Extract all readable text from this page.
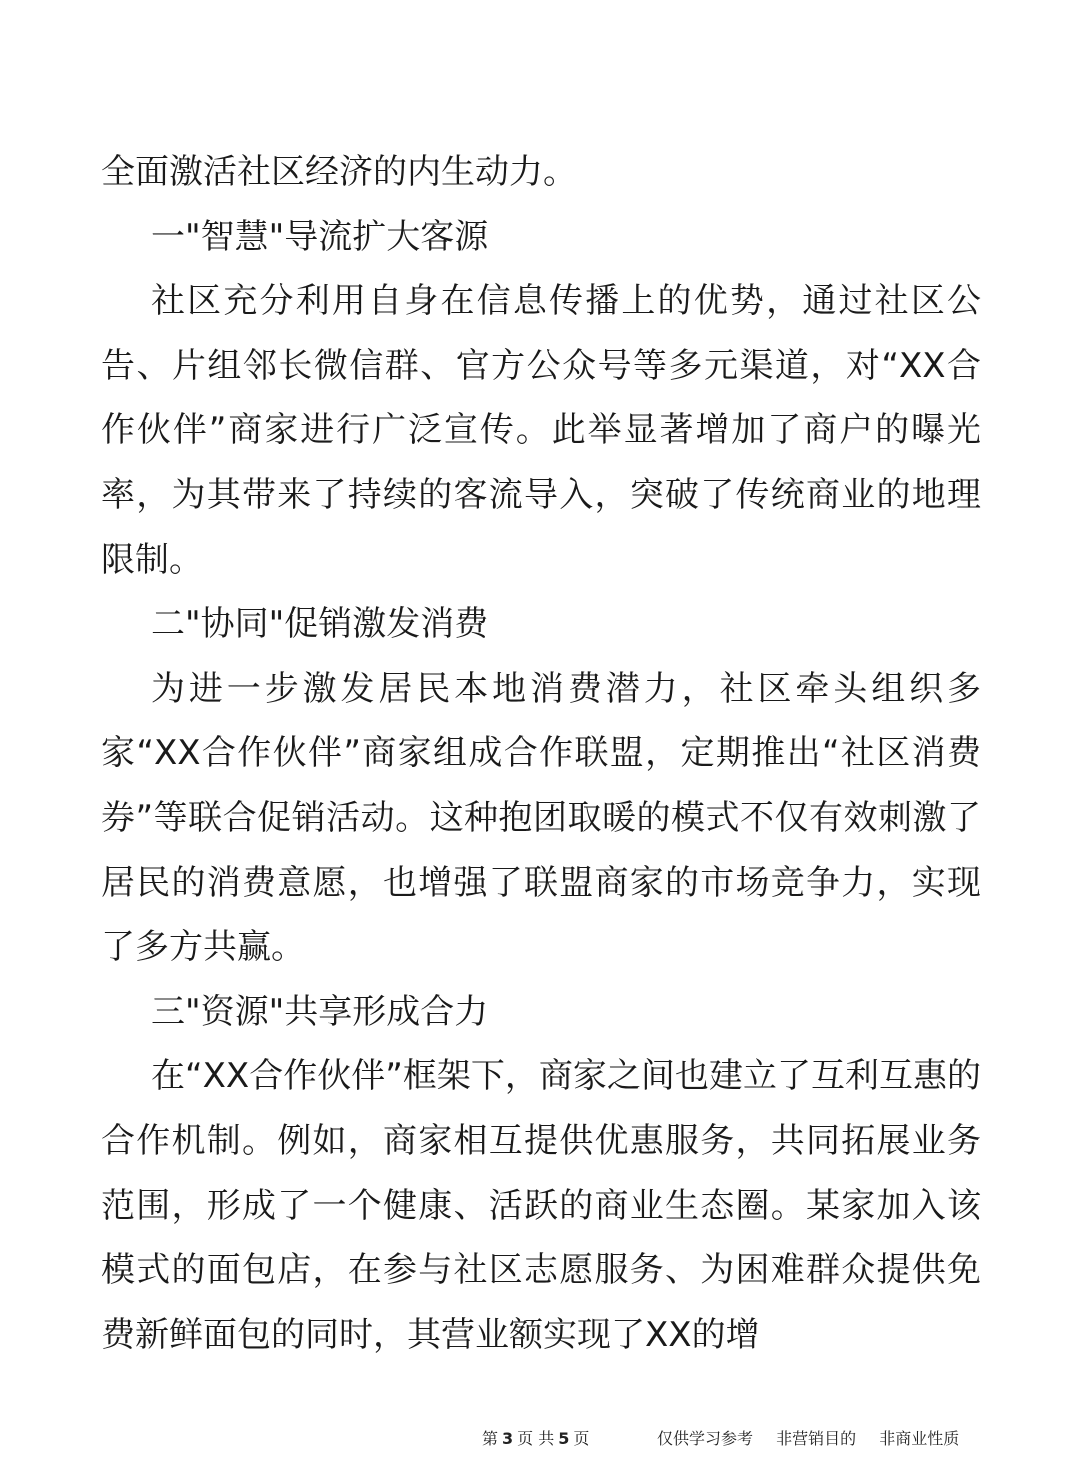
全面激活社区经济的内生动力。

一"智慧"导流扩大客源

社区充分利用自身在信息传播上的优势，通过社区公告、片组邻长微信群、官方公众号等多元渠道，对“XX合作伙伴”商家进行广泛宣传。此举显著增加了商户的曝光率，为其带来了持续的客流导入，突破了传统商业的地理限制。

二"协同"促销激发消费

为进一步激发居民本地消费潜力，社区牵头组织多家“XX合作伙伴”商家组成合作联盟，定期推出“社区消费券”等联合促销活动。这种抱团取暖的模式不仅有效刺激了居民的消费意愿，也增强了联盟商家的市场竞争力，实现了多方共赢。

三"资源"共享形成合力

在“XX合作伙伴”框架下，商家之间也建立了互利互惠的合作机制。例如，商家相互提供优惠服务，共同拓展业务范围，形成了一个健康、活跃的商业生态圈。某家加入该模式的面包店，在参与社区志愿服务、为困难群众提供免费新鲜面包的同时，其营业额实现了XX的增

第 3 页 共 5 页	仅供学习参考 非营销目的 非商业性质
